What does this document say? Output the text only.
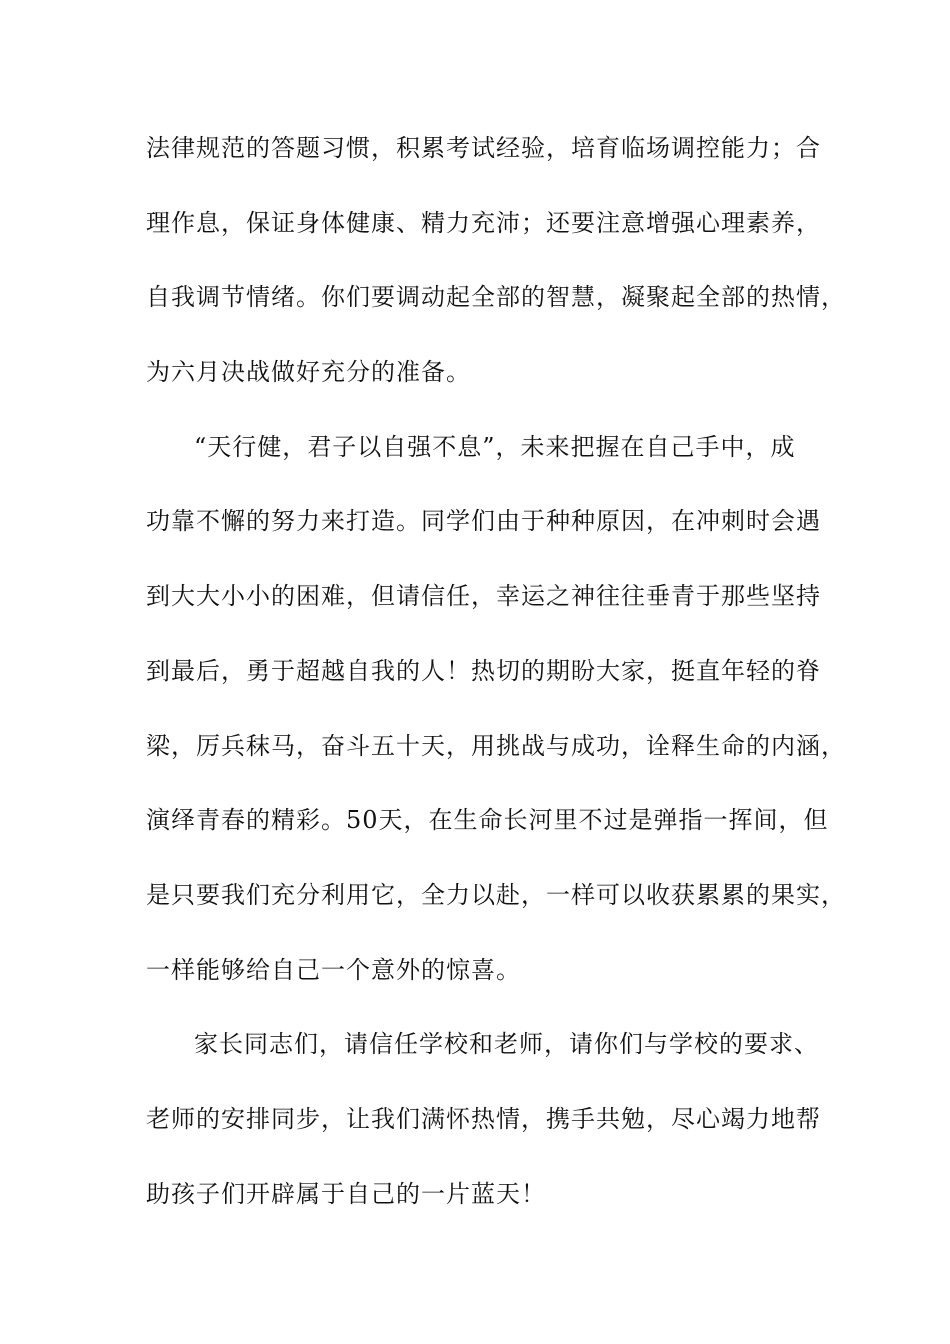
法律规范的答题习惯，积累考试经验，培育临场调控能力；合
理作息，保证身体健康、精力充沛；还要注意增强心理素养，
自我调节情绪。你们要调动起全部的智慧，凝聚起全部的热情，
为六月决战做好充分的准备。
“天行健，君子以自强不息”，未来把握在自己手中，成
功靠不懈的努力来打造。同学们由于种种原因，在冲刺时会遇
到大大小小的困难，但请信任，幸运之神往往垂青于那些坚持
到最后，勇于超越自我的人！热切的期盼大家，挺直年轻的脊
梁，厉兵秣马，奋斗五十天，用挑战与成功，诠释生命的内涵，
演绎青春的精彩。50天，在生命长河里不过是弹指一挥间，但
是只要我们充分利用它，全力以赴，一样可以收获累累的果实，
一样能够给自己一个意外的惊喜。
家长同志们，请信任学校和老师，请你们与学校的要求、
老师的安排同步，让我们满怀热情，携手共勉，尽心竭力地帮
助孩子们开辟属于自己的一片蓝天！
